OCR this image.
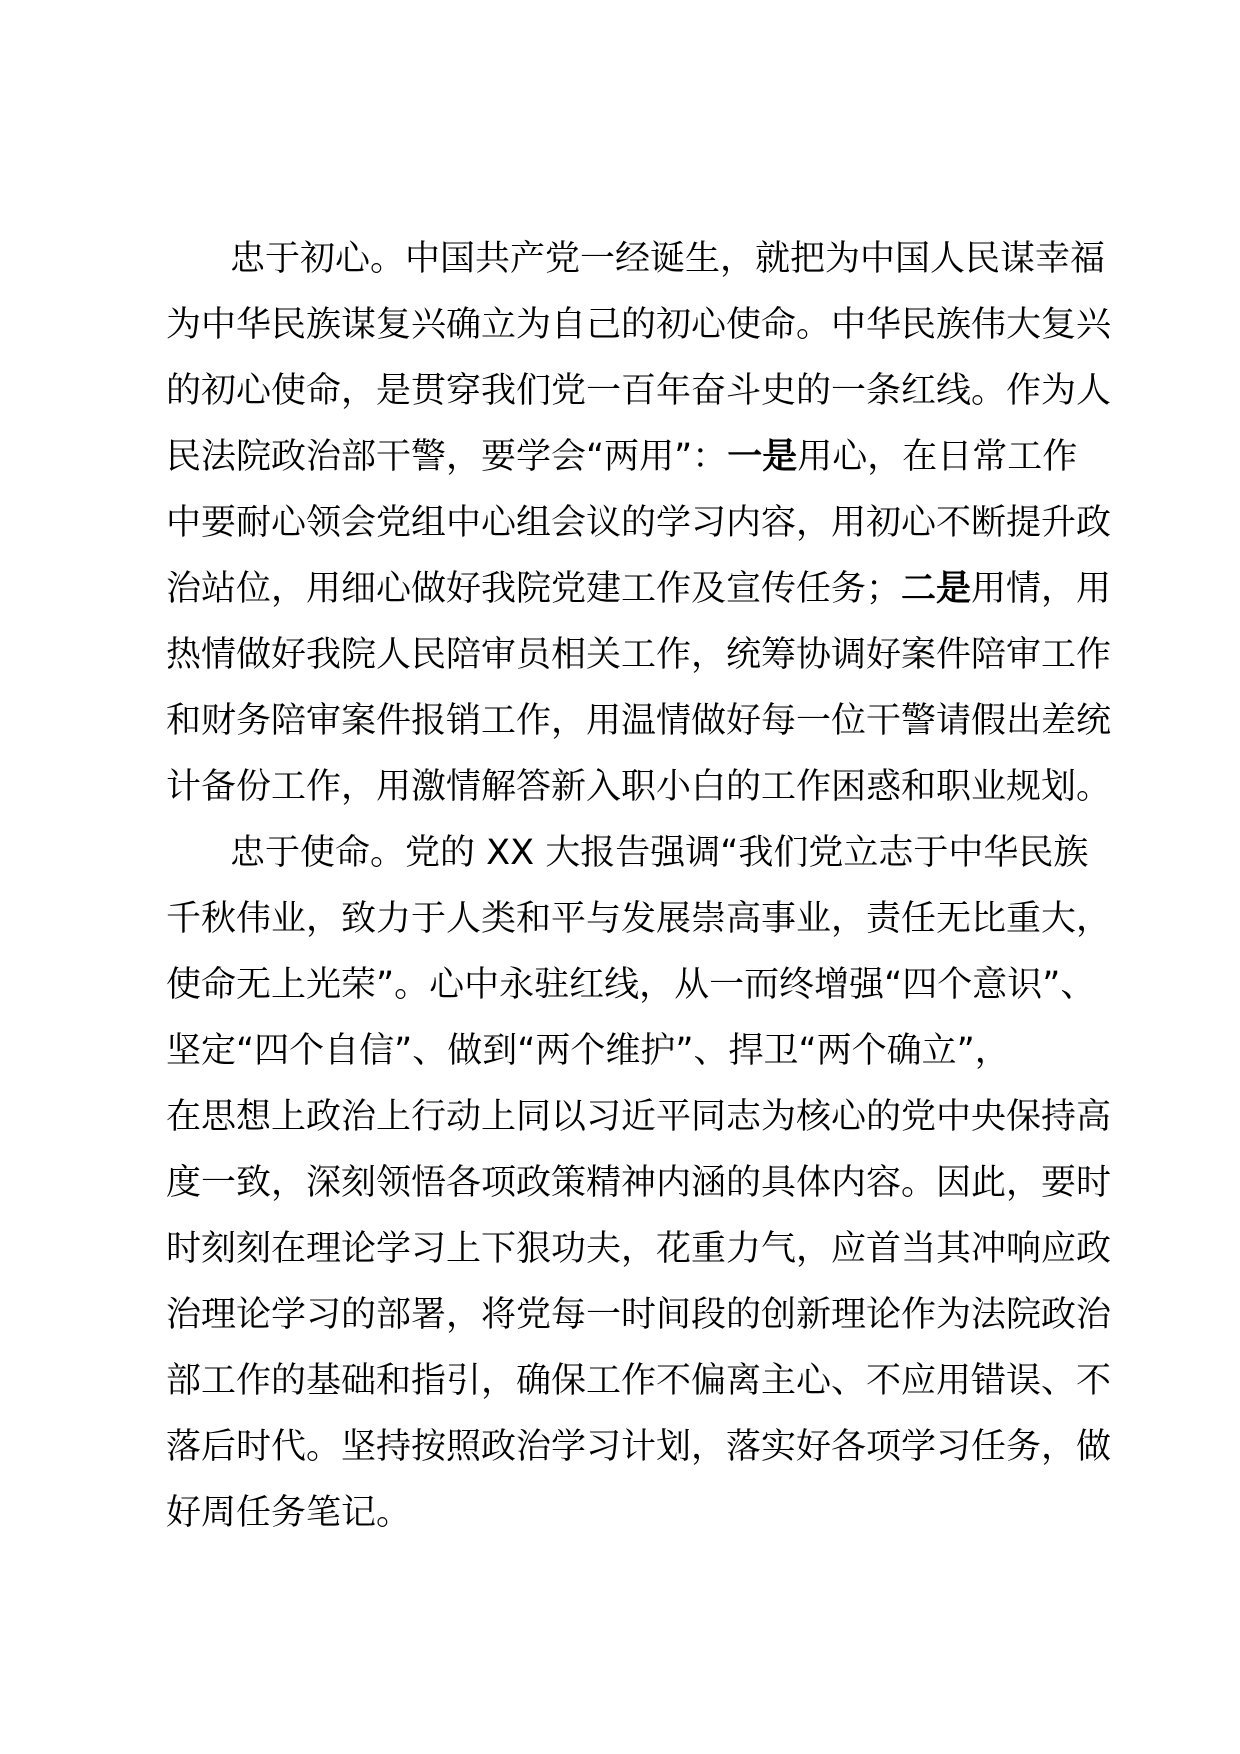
忠于初心。中国共产党一经诞生，就把为中国人民谋幸福
为中华民族谋复兴确立为自己的初心使命。中华民族伟大复兴
的初心使命，是贯穿我们党一百年奋斗史的一条红线。作为人
民法院政治部干警，要学会“两用”：一是用心，在日常工作
中要耐心领会党组中心组会议的学习内容，用初心不断提升政
治站位，用细心做好我院党建工作及宣传任务；二是用情，用
热情做好我院人民陪审员相关工作，统筹协调好案件陪审工作
和财务陪审案件报销工作，用温情做好每一位干警请假出差统
计备份工作，用激情解答新入职小白的工作困惑和职业规划。
忠于使命。党的 XX 大报告强调“我们党立志于中华民族
千秋伟业，致力于人类和平与发展崇高事业，责任无比重大，
使命无上光荣”。心中永驻红线，从一而终增强“四个意识”、
坚定“四个自信”、做到“两个维护”、捍卫“两个确立”，
在思想上政治上行动上同以习近平同志为核心的党中央保持高
度一致，深刻领悟各项政策精神内涵的具体内容。因此，要时
时刻刻在理论学习上下狠功夫，花重力气，应首当其冲响应政
治理论学习的部署，将党每一时间段的创新理论作为法院政治
部工作的基础和指引，确保工作不偏离主心、不应用错误、不
落后时代。坚持按照政治学习计划，落实好各项学习任务，做
好周任务笔记。
